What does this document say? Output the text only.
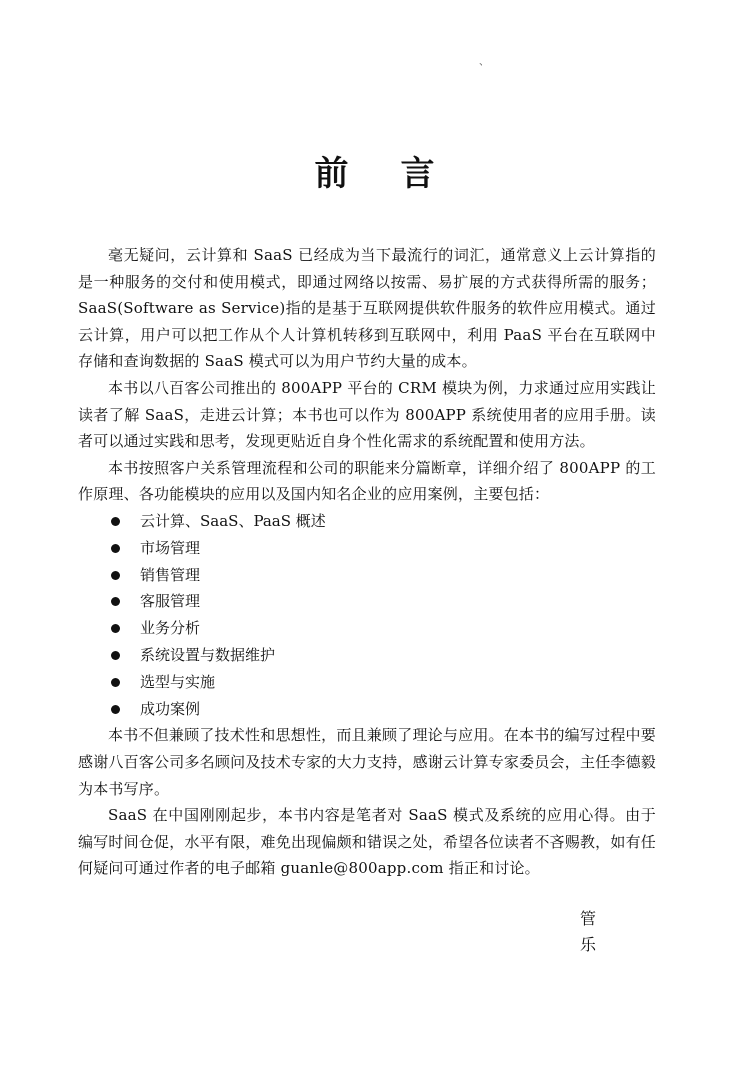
、
前言

毫无疑问，云计算和 SaaS 已经成为当下最流行的词汇，通常意义上云计算指的是一种服务的交付和使用模式，即通过网络以按需、易扩展的方式获得所需的服务；SaaS(Software as Service)指的是基于互联网提供软件服务的软件应用模式。通过云计算，用户可以把工作从个人计算机转移到互联网中，利用 PaaS 平台在互联网中存储和查询数据的 SaaS 模式可以为用户节约大量的成本。

本书以八百客公司推出的 800APP 平台的 CRM 模块为例，力求通过应用实践让读者了解 SaaS，走进云计算；本书也可以作为 800APP 系统使用者的应用手册。读者可以通过实践和思考，发现更贴近自身个性化需求的系统配置和使用方法。

本书按照客户关系管理流程和公司的职能来分篇断章，详细介绍了 800APP 的工作原理、各功能模块的应用以及国内知名企业的应用案例，主要包括：

云计算、SaaS、PaaS 概述
市场管理
销售管理
客服管理
业务分析
系统设置与数据维护
选型与实施
成功案例

本书不但兼顾了技术性和思想性，而且兼顾了理论与应用。在本书的编写过程中要感谢八百客公司多名顾问及技术专家的大力支持，感谢云计算专家委员会，主任李德毅为本书写序。

SaaS 在中国刚刚起步，本书内容是笔者对 SaaS 模式及系统的应用心得。由于编写时间仓促，水平有限，难免出现偏颇和错误之处，希望各位读者不吝赐教，如有任何疑问可通过作者的电子邮箱 guanle@800app.com 指正和讨论。

管乐
